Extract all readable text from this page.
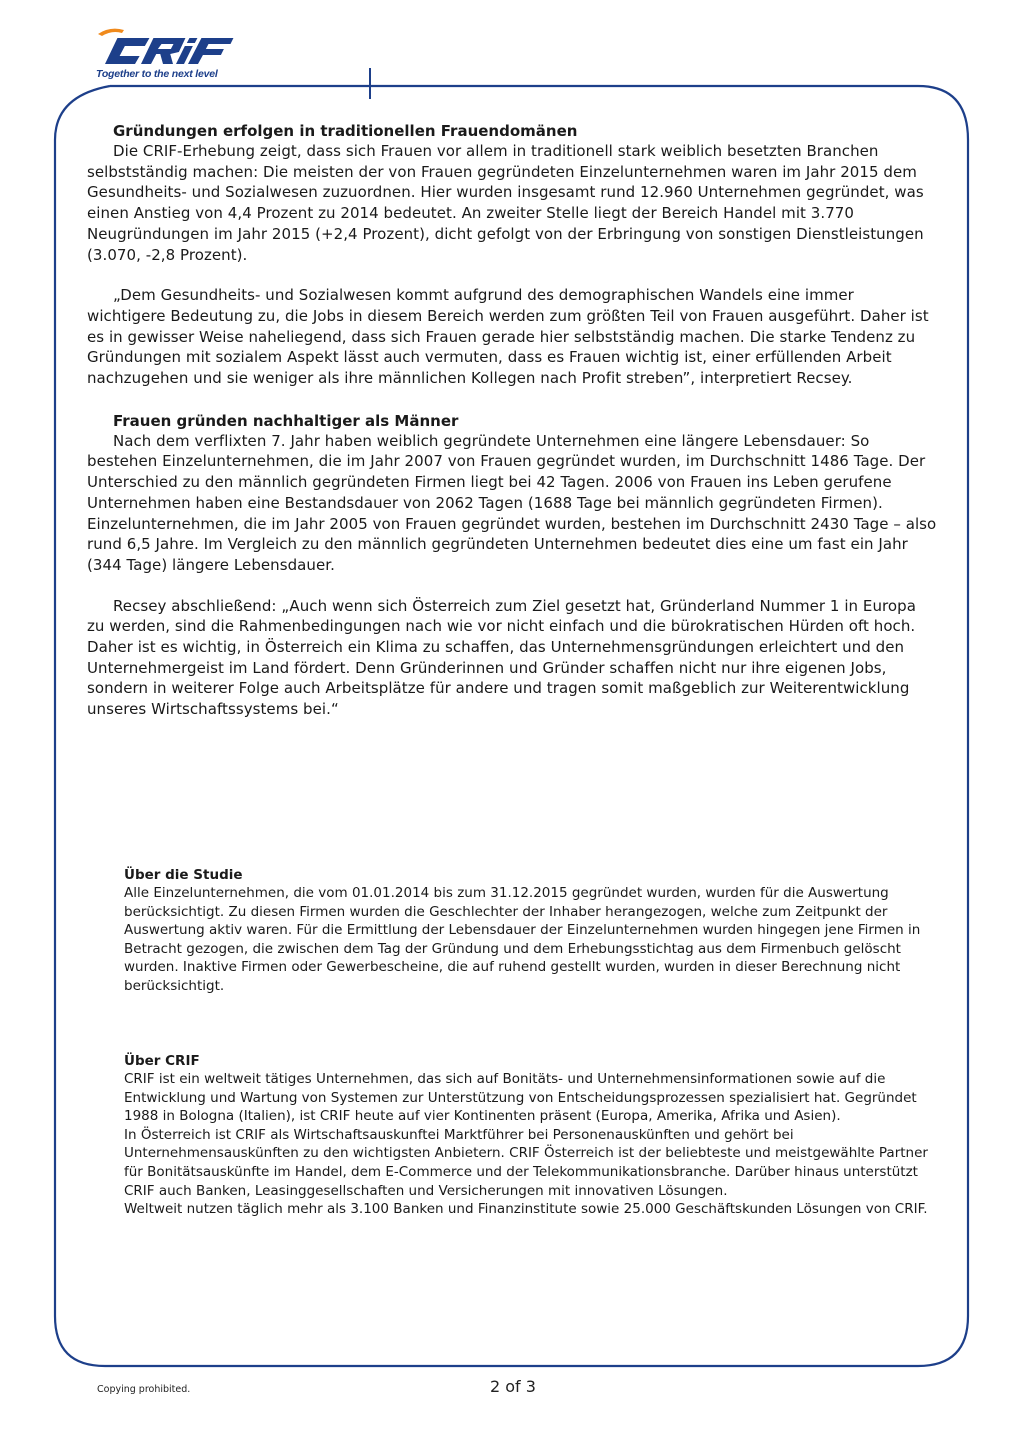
Together to the next level
Gründungen erfolgen in traditionellen Frauendomänen

Die CRIF-Erhebung zeigt, dass sich Frauen vor allem in traditionell stark weiblich besetzten Branchen selbstständig machen: Die meisten der von Frauen gegründeten Einzelunternehmen waren im Jahr 2015 dem Gesundheits- und Sozialwesen zuzuordnen. Hier wurden insgesamt rund 12.960 Unternehmen gegründet, was einen Anstieg von 4,4 Prozent zu 2014 bedeutet. An zweiter Stelle liegt der Bereich Handel mit 3.770 Neugründungen im Jahr 2015 (+2,4 Prozent), dicht gefolgt von der Erbringung von sonstigen Dienstleistungen (3.070, -2,8 Prozent).

„Dem Gesundheits- und Sozialwesen kommt aufgrund des demographischen Wandels eine immer wichtigere Bedeutung zu, die Jobs in diesem Bereich werden zum größten Teil von Frauen ausgeführt. Daher ist es in gewisser Weise naheliegend, dass sich Frauen gerade hier selbstständig machen. Die starke Tendenz zu Gründungen mit sozialem Aspekt lässt auch vermuten, dass es Frauen wichtig ist, einer erfüllenden Arbeit nachzugehen und sie weniger als ihre männlichen Kollegen nach Profit streben”, interpretiert Recsey.

Frauen gründen nachhaltiger als Männer

Nach dem verflixten 7. Jahr haben weiblich gegründete Unternehmen eine längere Lebensdauer: So bestehen Einzelunternehmen, die im Jahr 2007 von Frauen gegründet wurden, im Durchschnitt 1486 Tage. Der Unterschied zu den männlich gegründeten Firmen liegt bei 42 Tagen. 2006 von Frauen ins Leben gerufene Unternehmen haben eine Bestandsdauer von 2062 Tagen (1688 Tage bei männlich gegründeten Firmen). Einzelunternehmen, die im Jahr 2005 von Frauen gegründet wurden, bestehen im Durchschnitt 2430 Tage – also rund 6,5 Jahre. Im Vergleich zu den männlich gegründeten Unternehmen bedeutet dies eine um fast ein Jahr (344 Tage) längere Lebensdauer.

Recsey abschließend: „Auch wenn sich Österreich zum Ziel gesetzt hat, Gründerland Nummer 1 in Europa zu werden, sind die Rahmenbedingungen nach wie vor nicht einfach und die bürokratischen Hürden oft hoch. Daher ist es wichtig, in Österreich ein Klima zu schaffen, das Unternehmensgründungen erleichtert und den Unternehmergeist im Land fördert. Denn Gründerinnen und Gründer schaffen nicht nur ihre eigenen Jobs, sondern in weiterer Folge auch Arbeitsplätze für andere und tragen somit maßgeblich zur Weiterentwicklung unseres Wirtschaftssystems bei.“

Über die Studie

Alle Einzelunternehmen, die vom 01.01.2014 bis zum 31.12.2015 gegründet wurden, wurden für die Auswertung berücksichtigt. Zu diesen Firmen wurden die Geschlechter der Inhaber herangezogen, welche zum Zeitpunkt der Auswertung aktiv waren. Für die Ermittlung der Lebensdauer der Einzelunternehmen wurden hingegen jene Firmen in Betracht gezogen, die zwischen dem Tag der Gründung und dem Erhebungsstichtag aus dem Firmenbuch gelöscht wurden. Inaktive Firmen oder Gewerbescheine, die auf ruhend gestellt wurden, wurden in dieser Berechnung nicht berücksichtigt.

Über CRIF

CRIF ist ein weltweit tätiges Unternehmen, das sich auf Bonitäts- und Unternehmensinformationen sowie auf die Entwicklung und Wartung von Systemen zur Unterstützung von Entscheidungsprozessen spezialisiert hat. Gegründet 1988 in Bologna (Italien), ist CRIF heute auf vier Kontinenten präsent (Europa, Amerika, Afrika und Asien).

In Österreich ist CRIF als Wirtschaftsauskunftei Marktführer bei Personenauskünften und gehört bei Unternehmensauskünften zu den wichtigsten Anbietern. CRIF Österreich ist der beliebteste und meistgewählte Partner für Bonitätsauskünfte im Handel, dem E-Commerce und der Telekommunikationsbranche. Darüber hinaus unterstützt CRIF auch Banken, Leasinggesellschaften und Versicherungen mit innovativen Lösungen.

Weltweit nutzen täglich mehr als 3.100 Banken und Finanzinstitute sowie 25.000 Geschäftskunden Lösungen von CRIF.

Copying prohibited.	2 of 3
